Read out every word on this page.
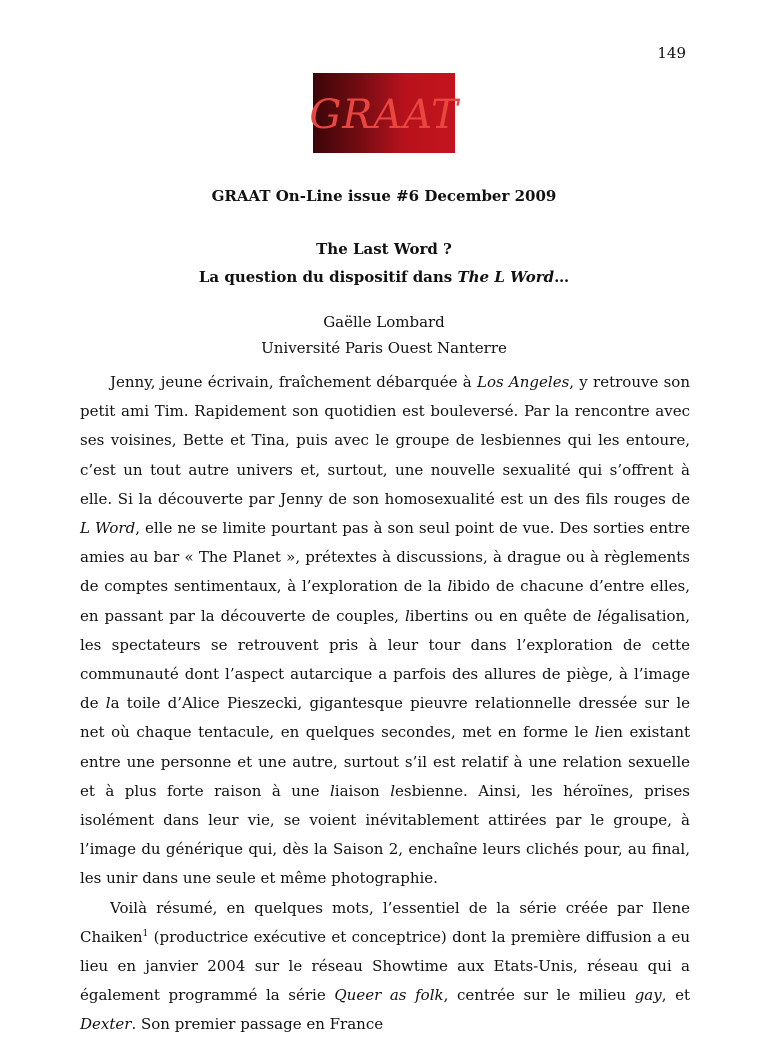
149
GRAAT
GRAAT On-Line issue #6 December 2009
The Last Word ?
La question du dispositif dans The L Word…
Gaëlle Lombard
Université Paris Ouest Nanterre

Jenny, jeune écrivain, fraîchement débarquée à Los Angeles, y retrouve son petit ami Tim. Rapidement son quotidien est bouleversé. Par la rencontre avec ses voisines, Bette et Tina, puis avec le groupe de lesbiennes qui les entoure, c’est un tout autre univers et, surtout, une nouvelle sexualité qui s’offrent à elle. Si la découverte par Jenny de son homosexualité est un des fils rouges de L Word, elle ne se limite pourtant pas à son seul point de vue. Des sorties entre amies au bar « The Planet », prétextes à discussions, à drague ou à règlements de comptes sentimentaux, à l’exploration de la libido de chacune d’entre elles, en passant par la découverte de couples, libertins ou en quête de légalisation, les spectateurs se retrouvent pris à leur tour dans l’exploration de cette communauté dont l’aspect autarcique a parfois des allures de piège, à l’image de la toile d’Alice Pieszecki, gigantesque pieuvre relationnelle dressée sur le net où chaque tentacule, en quelques secondes, met en forme le lien existant entre une personne et une autre, surtout s’il est relatif à une relation sexuelle et à plus forte raison à une liaison lesbienne. Ainsi, les héroïnes, prises isolément dans leur vie, se voient inévitablement attirées par le groupe, à l’image du générique qui, dès la Saison 2, enchaîne leurs clichés pour, au final, les unir dans une seule et même photographie.

Voilà résumé, en quelques mots, l’essentiel de la série créée par Ilene Chaiken$^1$ (productrice exécutive et conceptrice) dont la première diffusion a eu lieu en janvier 2004 sur le réseau Showtime aux Etats-Unis, réseau qui a également programmé la série Queer as folk, centrée sur le milieu gay, et Dexter. Son premier passage en France
